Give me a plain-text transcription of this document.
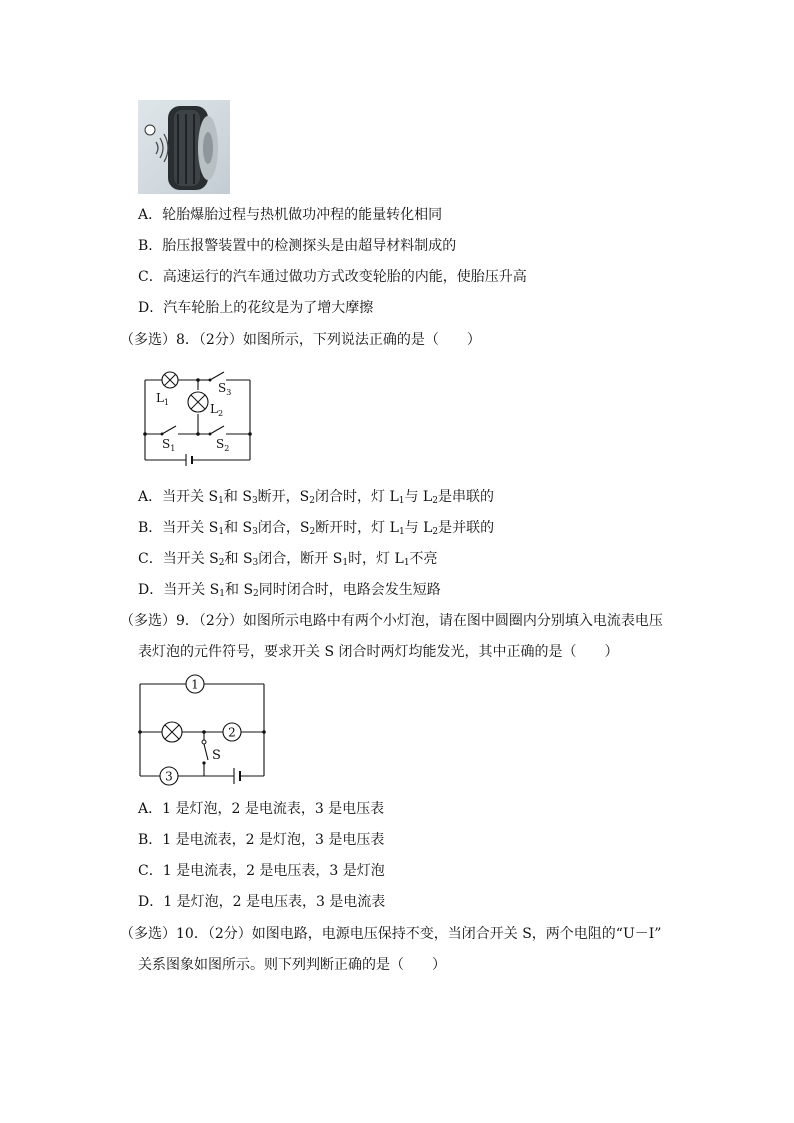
A．轮胎爆胎过程与热机做功冲程的能量转化相同
B．胎压报警装置中的检测探头是由超导材料制成的
C．高速运行的汽车通过做功方式改变轮胎的内能，使胎压升高
D．汽车轮胎上的花纹是为了增大摩擦
（多选）8．（2分）如图所示，下列说法正确的是（　　）
$L_1$	$L_2$
$S_3$
$S_1$	$S_2$
A．当开关 $S_1$和 $S_3$断开，$S_2$闭合时，灯 $L_1$与 $L_2$是串联的
B．当开关 $S_1$和 $S_3$闭合，$S_2$断开时，灯 $L_1$与 $L_2$是并联的
C．当开关 $S_2$和 $S_3$闭合，断开 $S_1$时，灯 $L_1$不亮
D．当开关 $S_1$和 $S_2$同时闭合时，电路会发生短路
（多选）9．（2分）如图所示电路中有两个小灯泡，请在图中圆圈内分别填入电流表电压
表灯泡的元件符号，要求开关 S 闭合时两灯均能发光，其中正确的是（　　）
1
2
3
S
A．1 是灯泡，2 是电流表，3 是电压表
B．1 是电流表，2 是灯泡，3 是电压表
C．1 是电流表，2 是电压表，3 是灯泡
D．1 是灯泡，2 是电压表，3 是电流表
（多选）10．（2分）如图电路，电源电压保持不变，当闭合开关 S，两个电阻的“U－I”
关系图象如图所示。则下列判断正确的是（　　）
